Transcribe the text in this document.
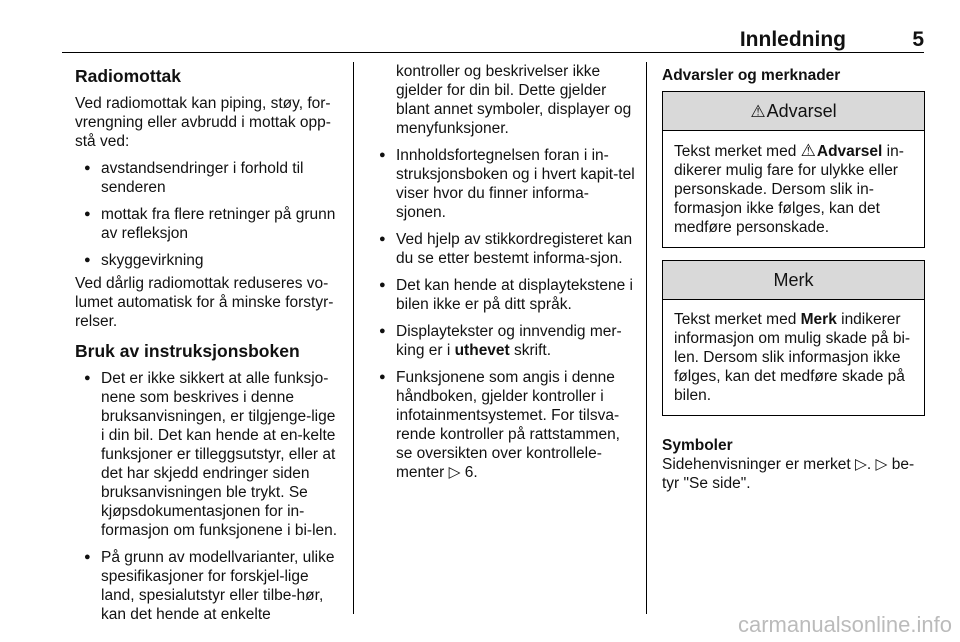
Innledning	5
Radiomottak

Ved radiomottak kan piping, støy, for-vrengning eller avbrudd i mottak opp-stå ved:

● avstandsendringer i forhold til senderen
● mottak fra flere retninger på grunn av refleksjon
● skyggevirkning

Ved dårlig radiomottak reduseres vo-lumet automatisk for å minske forstyr-relser.

Bruk av instruksjonsboken
● Det er ikke sikkert at alle funksjo-nene som beskrives i denne bruksanvisningen, er tilgjenge-lige i din bil. Det kan hende at en-kelte funksjoner er tilleggsutstyr, eller at det har skjedd endringer siden bruksanvisningen ble trykt. Se kjøpsdokumentasjonen for in-formasjon om funksjonene i bi-len.
● På grunn av modellvarianter, ulike spesifikasjoner for forskjel-lige land, spesialutstyr eller tilbe-hør, kan det hende at enkelte
kontroller og beskrivelser ikke gjelder for din bil. Dette gjelder blant annet symboler, displayer og menyfunksjoner.
● Innholdsfortegnelsen foran i in-struksjonsboken og i hvert kapit-tel viser hvor du finner informa-sjonen.
● Ved hjelp av stikkordregisteret kan du se etter bestemt informa-sjon.
● Det kan hende at displaytekstene i bilen ikke er på ditt språk.
● Displaytekster og innvendig mer-king er i uthevet skrift.
● Funksjonene som angis i denne håndboken, gjelder kontroller i infotainmentsystemet. For tilsva-rende kontroller på rattstammen, se oversikten over kontrollele-menter ▷ 6.
Advarsler og merknader
⚠Advarsel
Tekst merket med ⚠Advarsel in-dikerer mulig fare for ulykke eller personskade. Dersom slik in-formasjon ikke følges, kan det medføre personskade.
Merk
Tekst merket med Merk indikerer informasjon om mulig skade på bi-len. Dersom slik informasjon ikke følges, kan det medføre skade på bilen.
Symboler

Sidehenvisninger er merket ▷. ▷ be-tyr "Se side".

carmanualsonline.info
